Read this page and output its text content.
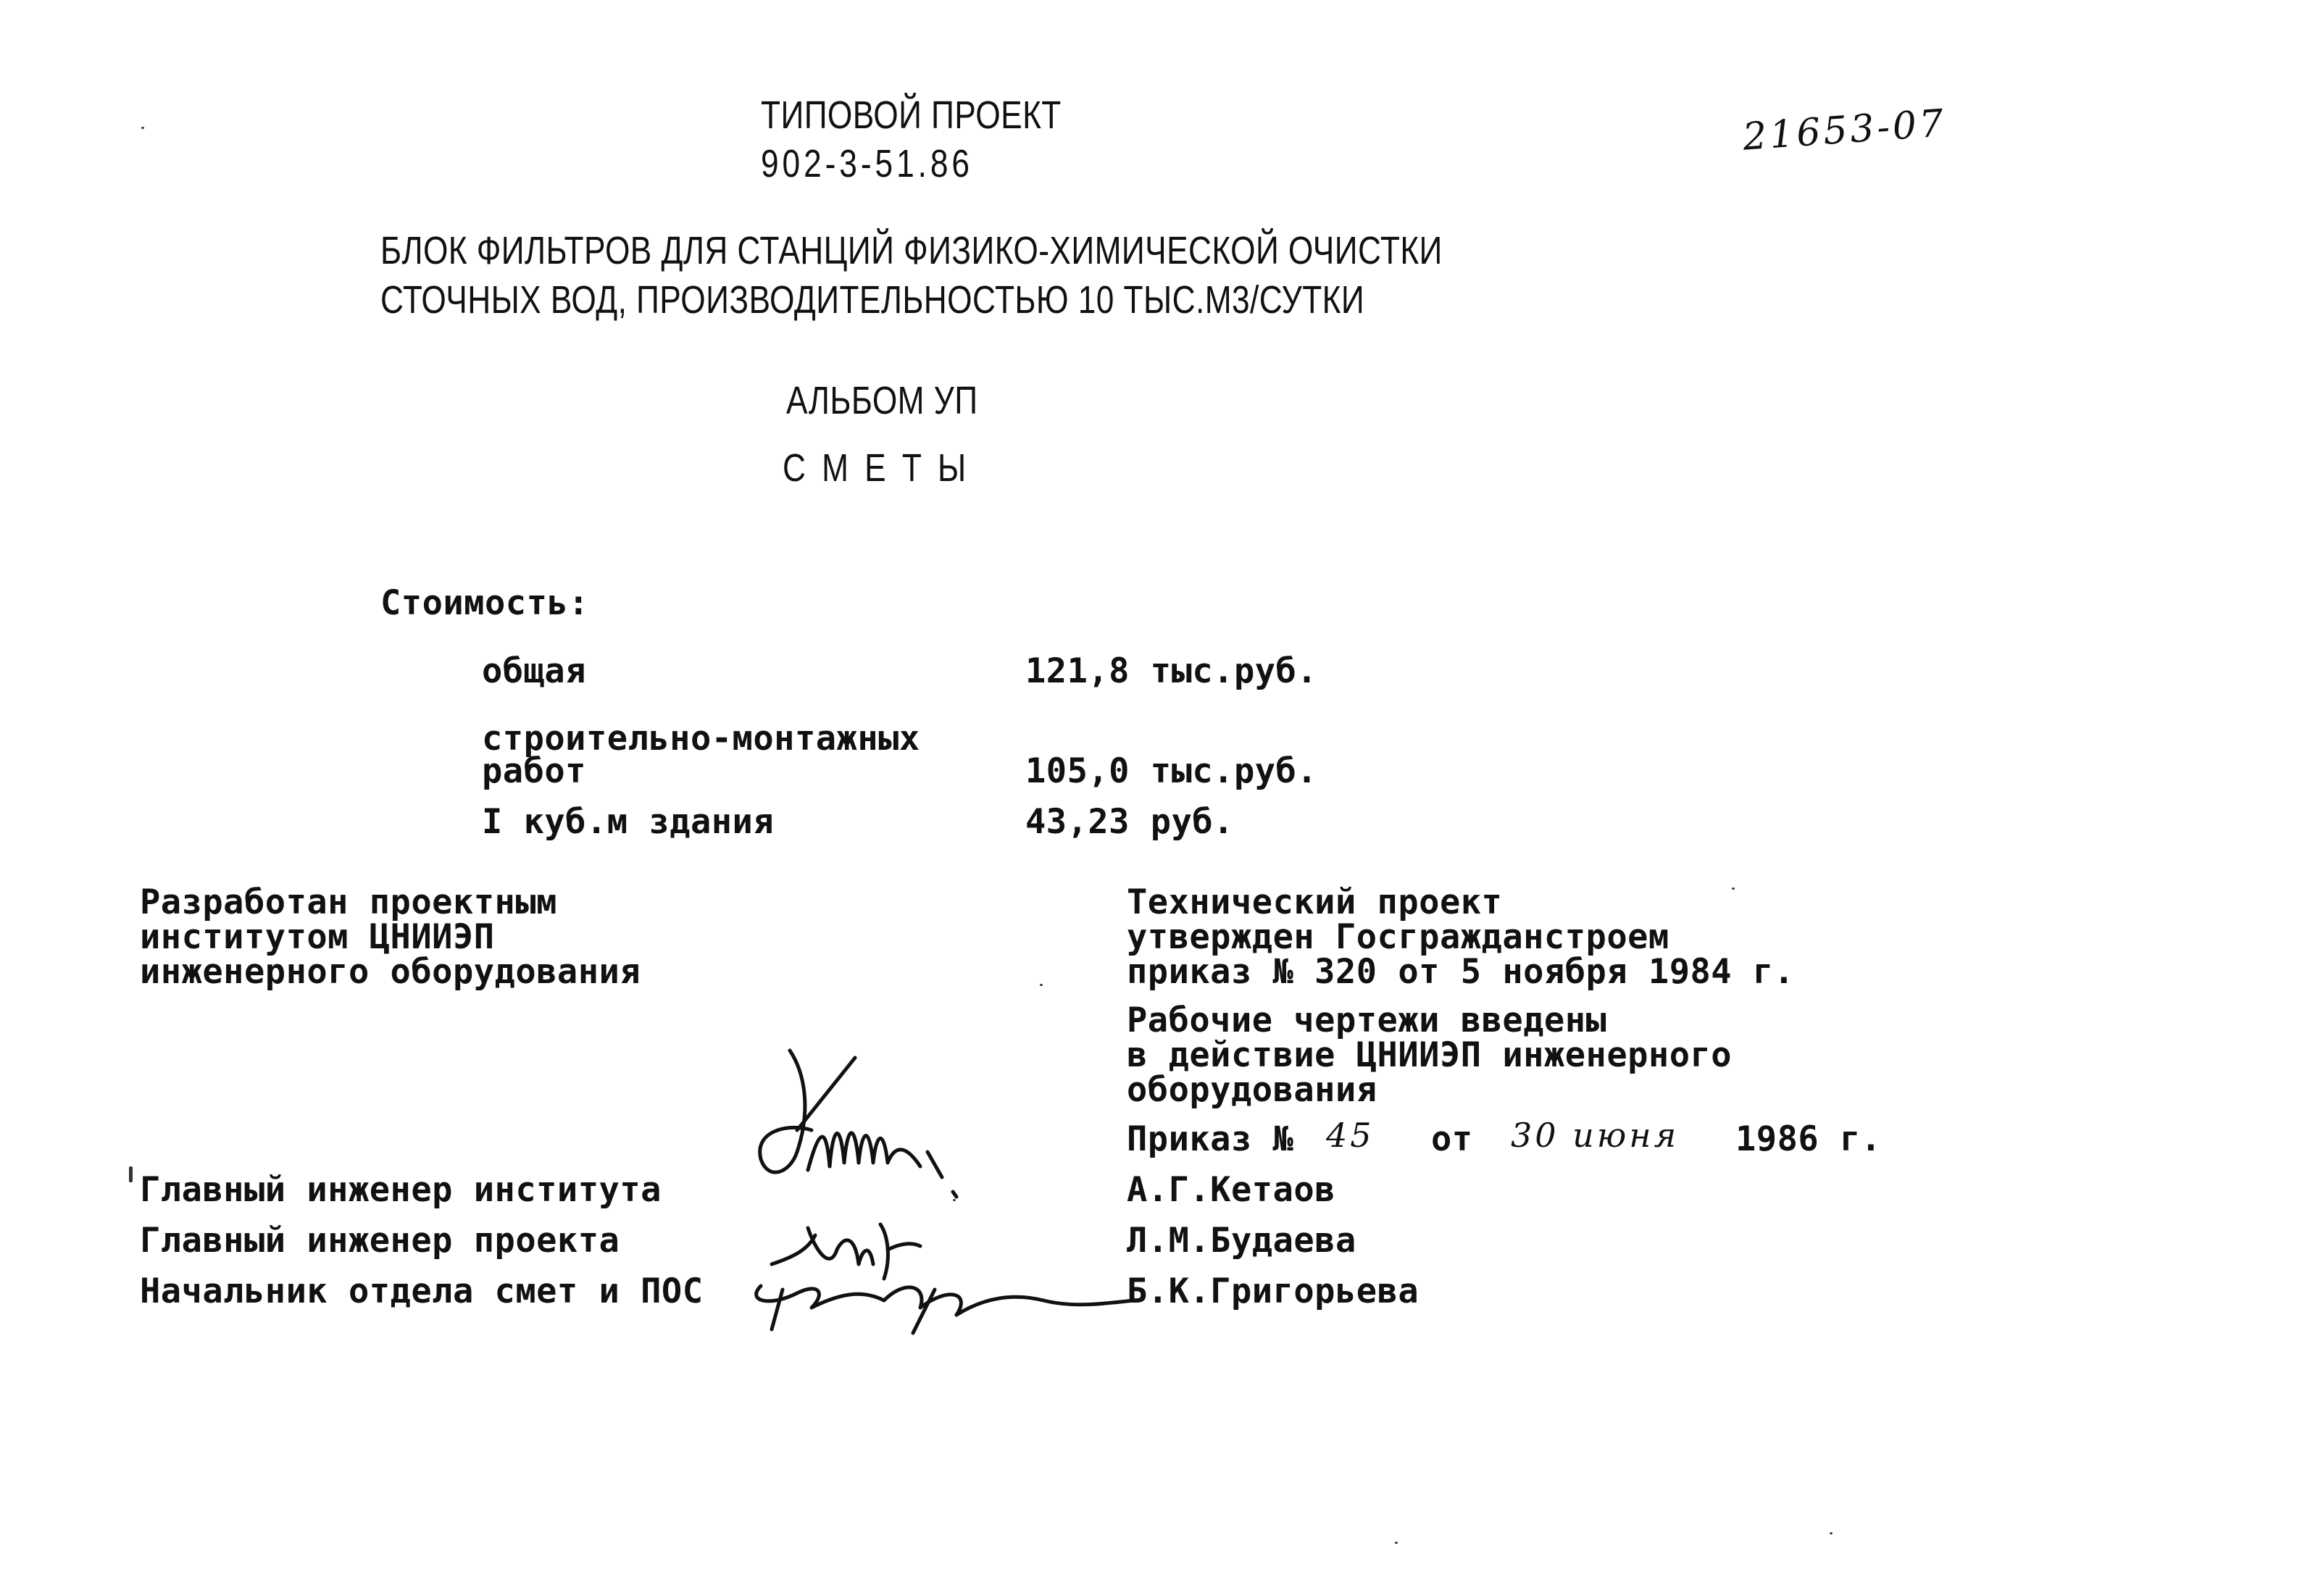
ТИПОВОЙ ПРОЕКТ
902-3-51.86
21653-07
БЛОК ФИЛЬТРОВ ДЛЯ СТАНЦИЙ ФИЗИКО-ХИМИЧЕСКОЙ ОЧИСТКИ
СТОЧНЫХ ВОД, ПРОИЗВОДИТЕЛЬНОСТЬЮ 10 ТЫС.М3/СУТКИ
АЛЬБОМ УП
С М Е Т Ы
Стоимость:
общая	121,8 тыс.руб.
строительно-монтажных
работ	105,0 тыс.руб.
I куб.м здания	43,23 руб.
Разработан проектным
институтом ЦНИИЭП
инженерного оборудования
Технический проект
утвержден Госгражданстроем
приказ № 320 от 5 ноября 1984 г.
Рабочие чертежи введены
в действие ЦНИИЭП инженерного
оборудования
Приказ № 45 от 30 июня 1986 г.
Главный инженер института	А.Г.Кетаов
Главный инженер проекта	Л.М.Будаева
Начальник отдела смет и ПОС	Б.К.Григорьева
